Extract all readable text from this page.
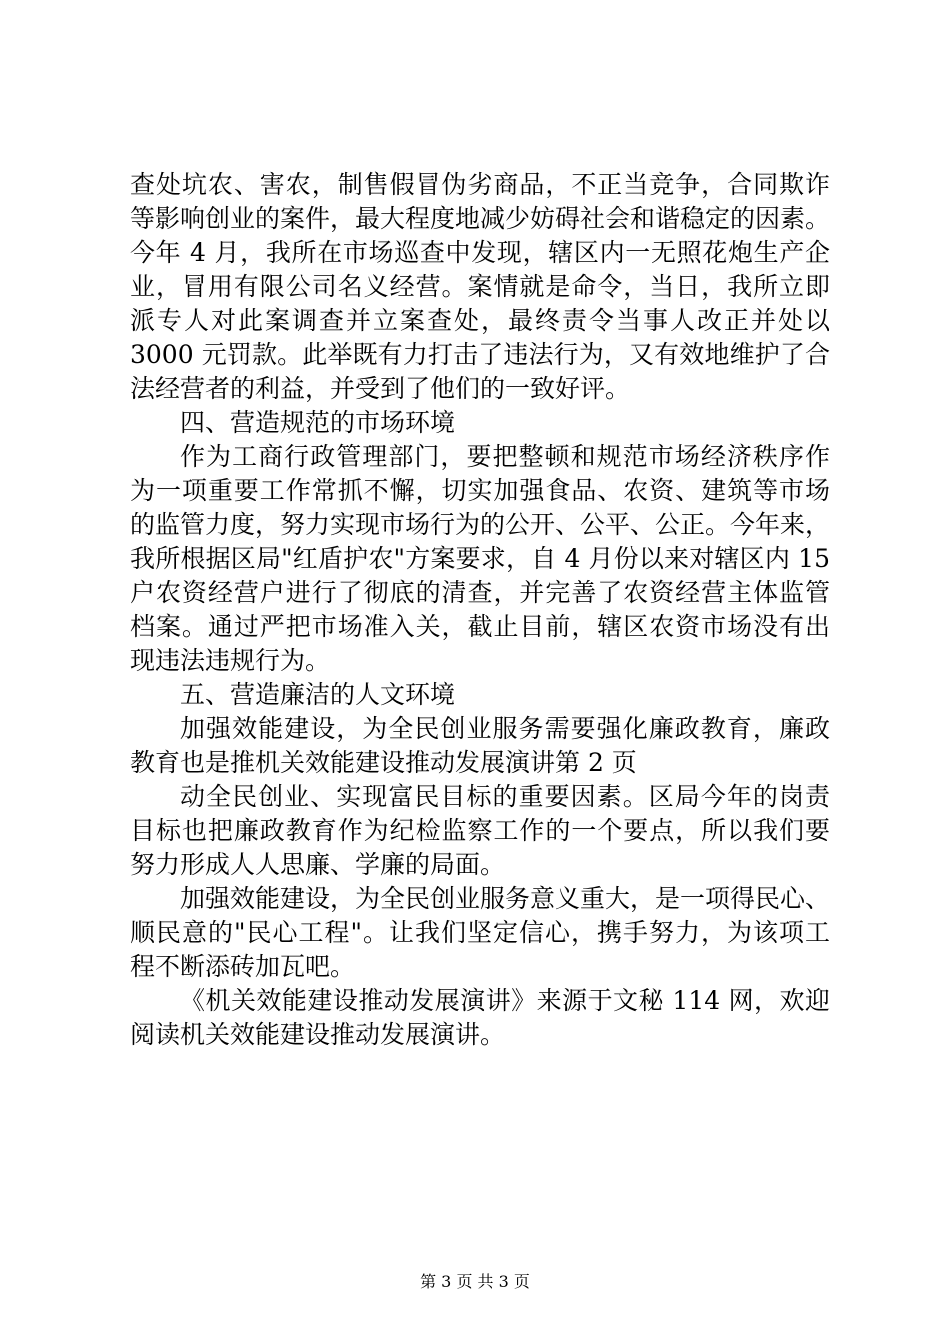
查处坑农、害农，制售假冒伪劣商品，不正当竞争，合同欺诈
等影响创业的案件，最大程度地减少妨碍社会和谐稳定的因素。
今年 4 月，我所在市场巡查中发现，辖区内一无照花炮生产企
业，冒用有限公司名义经营。案情就是命令，当日，我所立即
派专人对此案调查并立案查处，最终责令当事人改正并处以
3000 元罚款。此举既有力打击了违法行为，又有效地维护了合
法经营者的利益，并受到了他们的一致好评。
四、营造规范的市场环境
作为工商行政管理部门，要把整顿和规范市场经济秩序作
为一项重要工作常抓不懈，切实加强食品、农资、建筑等市场
的监管力度，努力实现市场行为的公开、公平、公正。今年来，
我所根据区局"红盾护农"方案要求，自 4 月份以来对辖区内 15
户农资经营户进行了彻底的清查，并完善了农资经营主体监管
档案。通过严把市场准入关，截止目前，辖区农资市场没有出
现违法违规行为。
五、营造廉洁的人文环境
加强效能建设，为全民创业服务需要强化廉政教育，廉政
教育也是推机关效能建设推动发展演讲第 2 页
动全民创业、实现富民目标的重要因素。区局今年的岗责
目标也把廉政教育作为纪检监察工作的一个要点，所以我们要
努力形成人人思廉、学廉的局面。
加强效能建设，为全民创业服务意义重大，是一项得民心、
顺民意的"民心工程"。让我们坚定信心，携手努力，为该项工
程不断添砖加瓦吧。
《机关效能建设推动发展演讲》来源于文秘 114 网，欢迎
阅读机关效能建设推动发展演讲。
第 3 页 共 3 页
